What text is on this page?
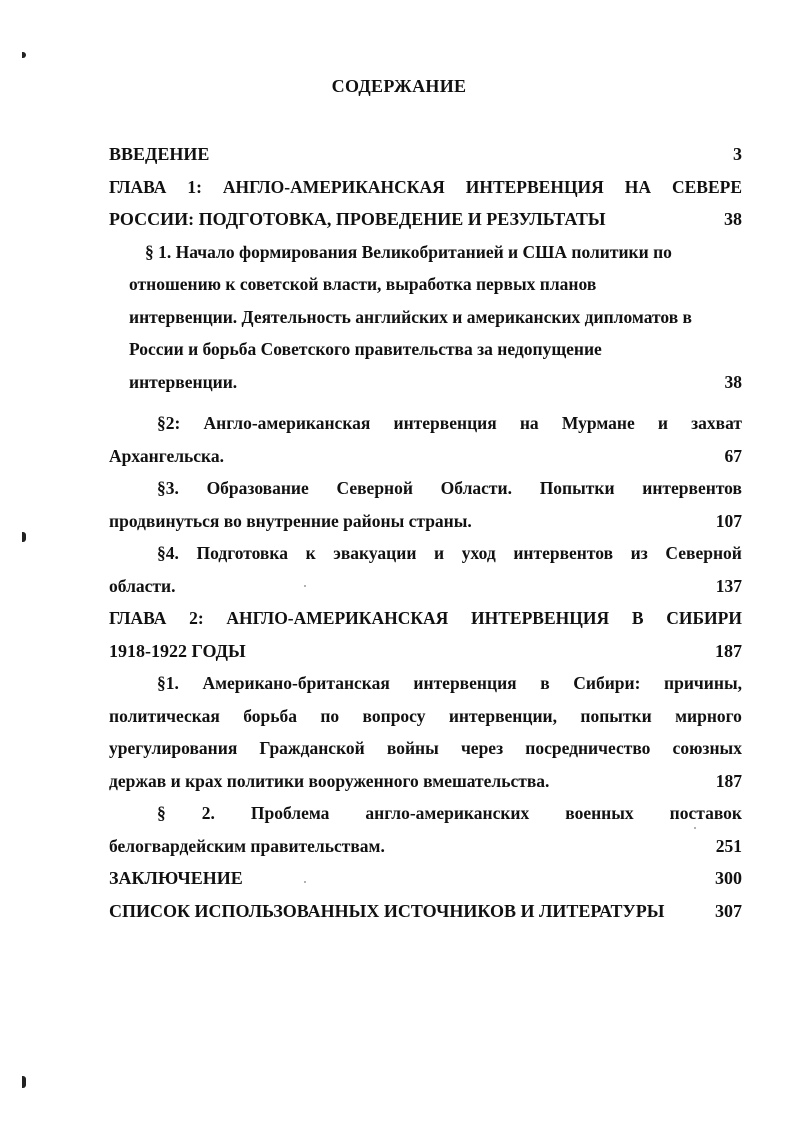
СОДЕРЖАНИЕ
ВВЕДЕНИЕ	3
ГЛАВА 1: АНГЛО-АМЕРИКАНСКАЯ ИНТЕРВЕНЦИЯ НА СЕВЕРЕ
РОССИИ: ПОДГОТОВКА, ПРОВЕДЕНИЕ И РЕЗУЛЬТАТЫ	38
§ 1. Начало формирования Великобританией и США политики по
отношению к советской власти, выработка первых планов
интервенции. Деятельность английских и американских дипломатов в
России и борьба Советского правительства за недопущение
интервенции.	38
§2: Англо-американская интервенция на Мурмане и захват
Архангельска.	67
§3. Образование Северной Области. Попытки интервентов
продвинуться во внутренние районы страны.	107
§4. Подготовка к эвакуации и уход интервентов из Северной
области.	137
ГЛАВА 2: АНГЛО-АМЕРИКАНСКАЯ ИНТЕРВЕНЦИЯ В СИБИРИ
1918-1922 ГОДЫ	187
§1. Американо-британская интервенция в Сибири: причины,
политическая борьба по вопросу интервенции, попытки мирного
урегулирования Гражданской войны через посредничество союзных
держав и крах политики вооруженного вмешательства.	187
§ 2. Проблема англо-американских военных поставок
белогвардейским правительствам.	251
ЗАКЛЮЧЕНИЕ	300
СПИСОК ИСПОЛЬЗОВАННЫХ ИСТОЧНИКОВ И ЛИТЕРАТУРЫ	307
